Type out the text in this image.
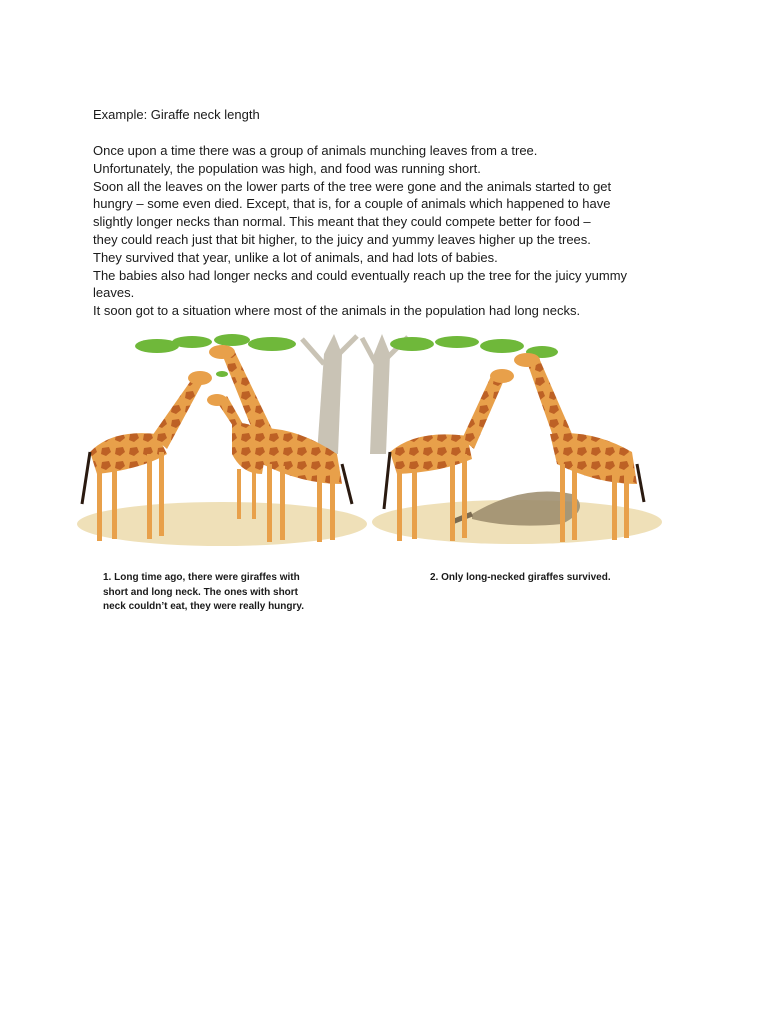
Example: Giraffe neck length
Once upon a time there was a group of animals munching leaves from a tree.
Unfortunately, the population was high, and food was running short.
Soon all the leaves on the lower parts of the tree were gone and the animals started to get
hungry – some even died. Except, that is, for a couple of animals which happened to have
slightly longer necks than normal. This meant that they could compete better for food –
they could reach just that bit higher, to the juicy and yummy leaves higher up the trees.
They survived that year, unlike a lot of animals, and had lots of babies.
The babies also had longer necks and could eventually reach up the tree for the juicy yummy
leaves.
It soon got to a situation where most of the animals in the population had long necks.
1. Long time ago, there were giraffes with
short and long neck. The ones with short
neck couldn’t eat, they were really hungry.
2. Only long-necked giraffes survived.
